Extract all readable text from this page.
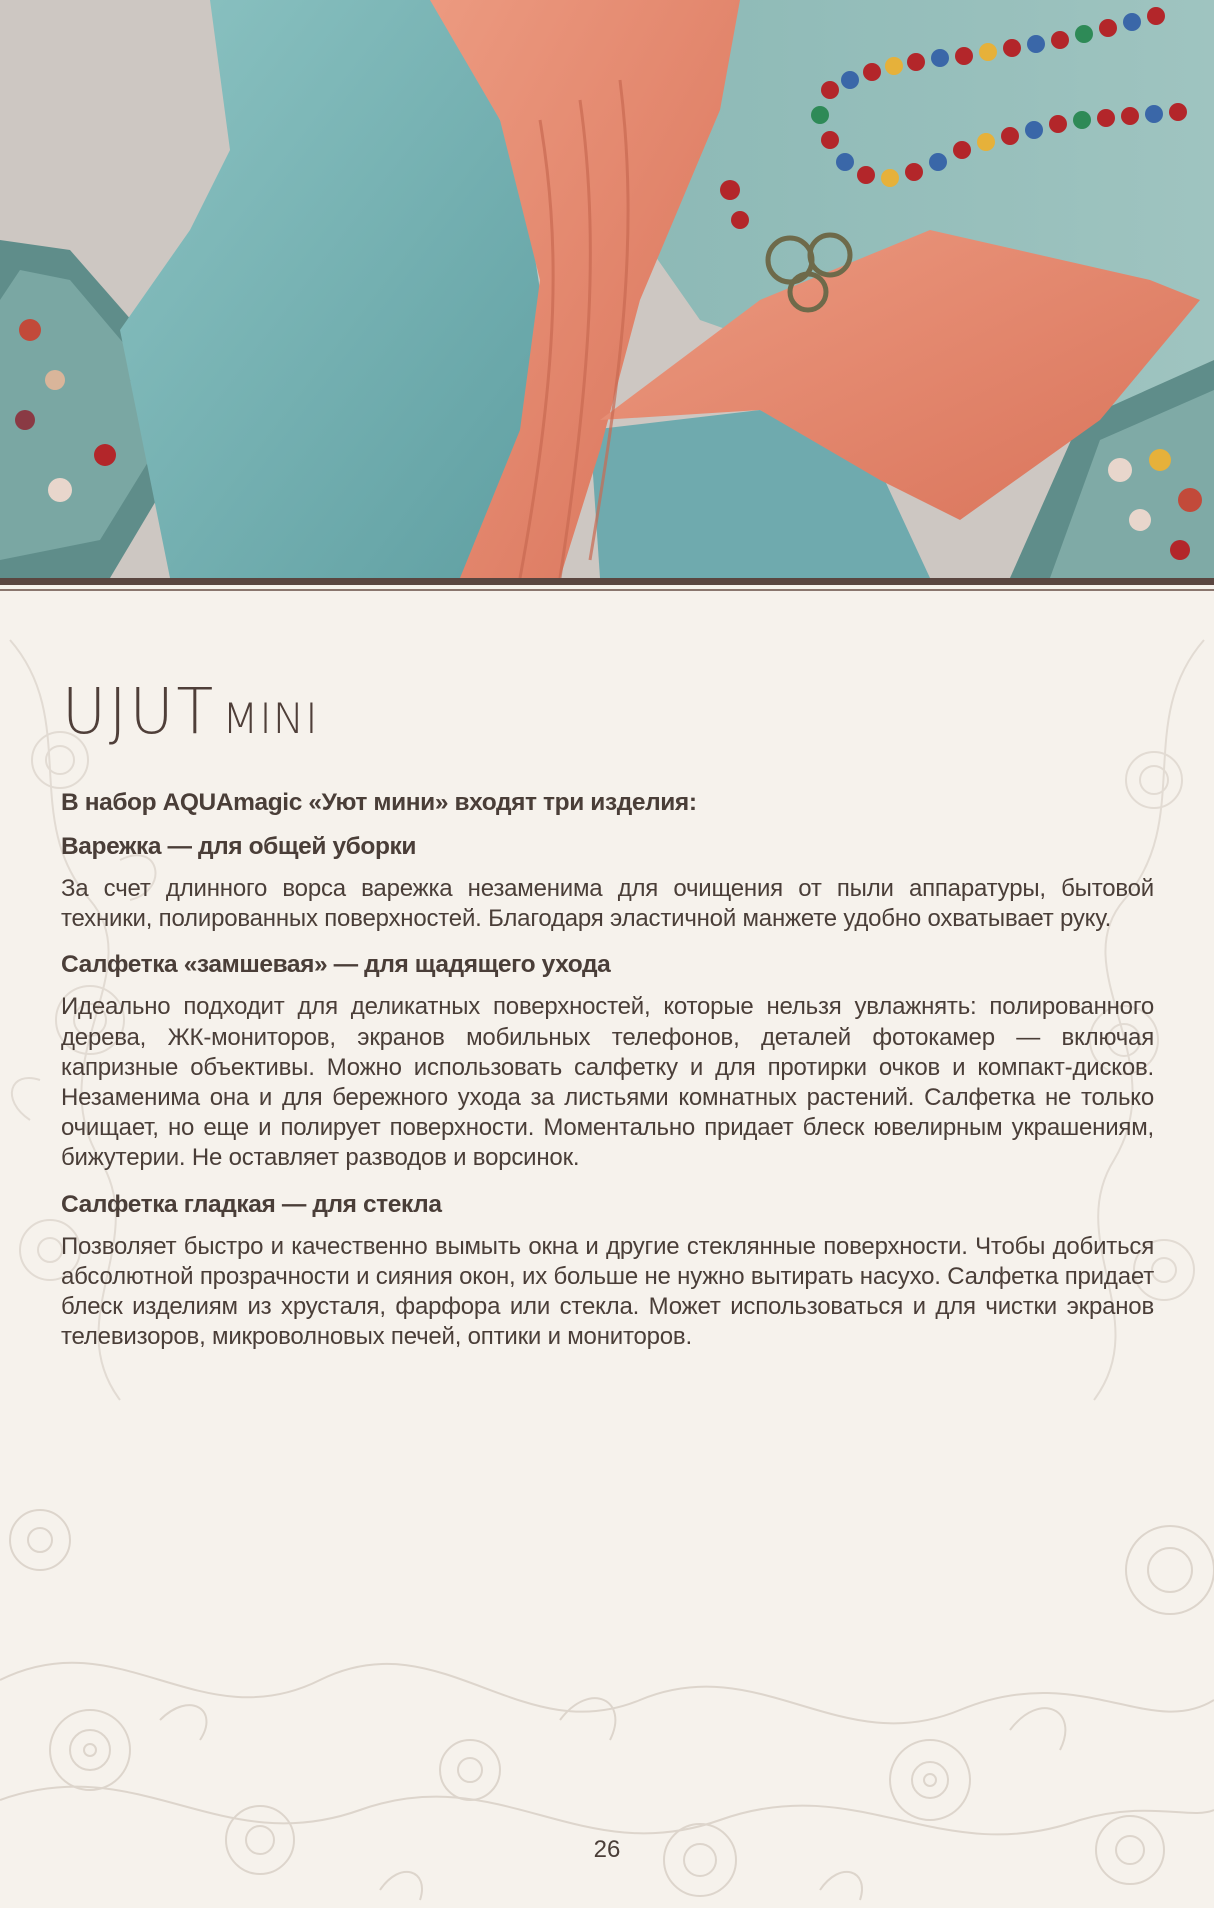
UJUT MINI
В набор AQUAmagic «Уют мини» входят три изделия:
Варежка — для общей уборки
За счет длинного ворса варежка незаменима для очищения от пыли аппаратуры, бытовой техники, полированных поверхностей. Благодаря эластичной манжете удобно охватывает руку.
Салфетка «замшевая» — для щадящего ухода
Идеально подходит для деликатных поверхностей, которые нельзя увлажнять: полированного дерева, ЖК-мониторов, экранов мобильных телефонов, деталей фотокамер — включая капризные объективы. Можно использовать салфетку и для протирки очков и компакт-дисков. Незаменима она и для бережного ухода за листьями комнатных растений. Салфетка не только очищает, но еще и полирует поверхности. Моментально придает блеск ювелирным украшениям, бижутерии. Не оставляет разводов и ворсинок.
Салфетка гладкая — для стекла
Позволяет быстро и качественно вымыть окна и другие стеклянные поверхности. Чтобы добиться абсолютной прозрачности и сияния окон, их больше не нужно вытирать насухо. Салфетка придает блеск изделиям из хрусталя, фарфора или стекла. Может использоваться и для чистки экранов телевизоров, микроволновых печей, оптики и мониторов.
26
